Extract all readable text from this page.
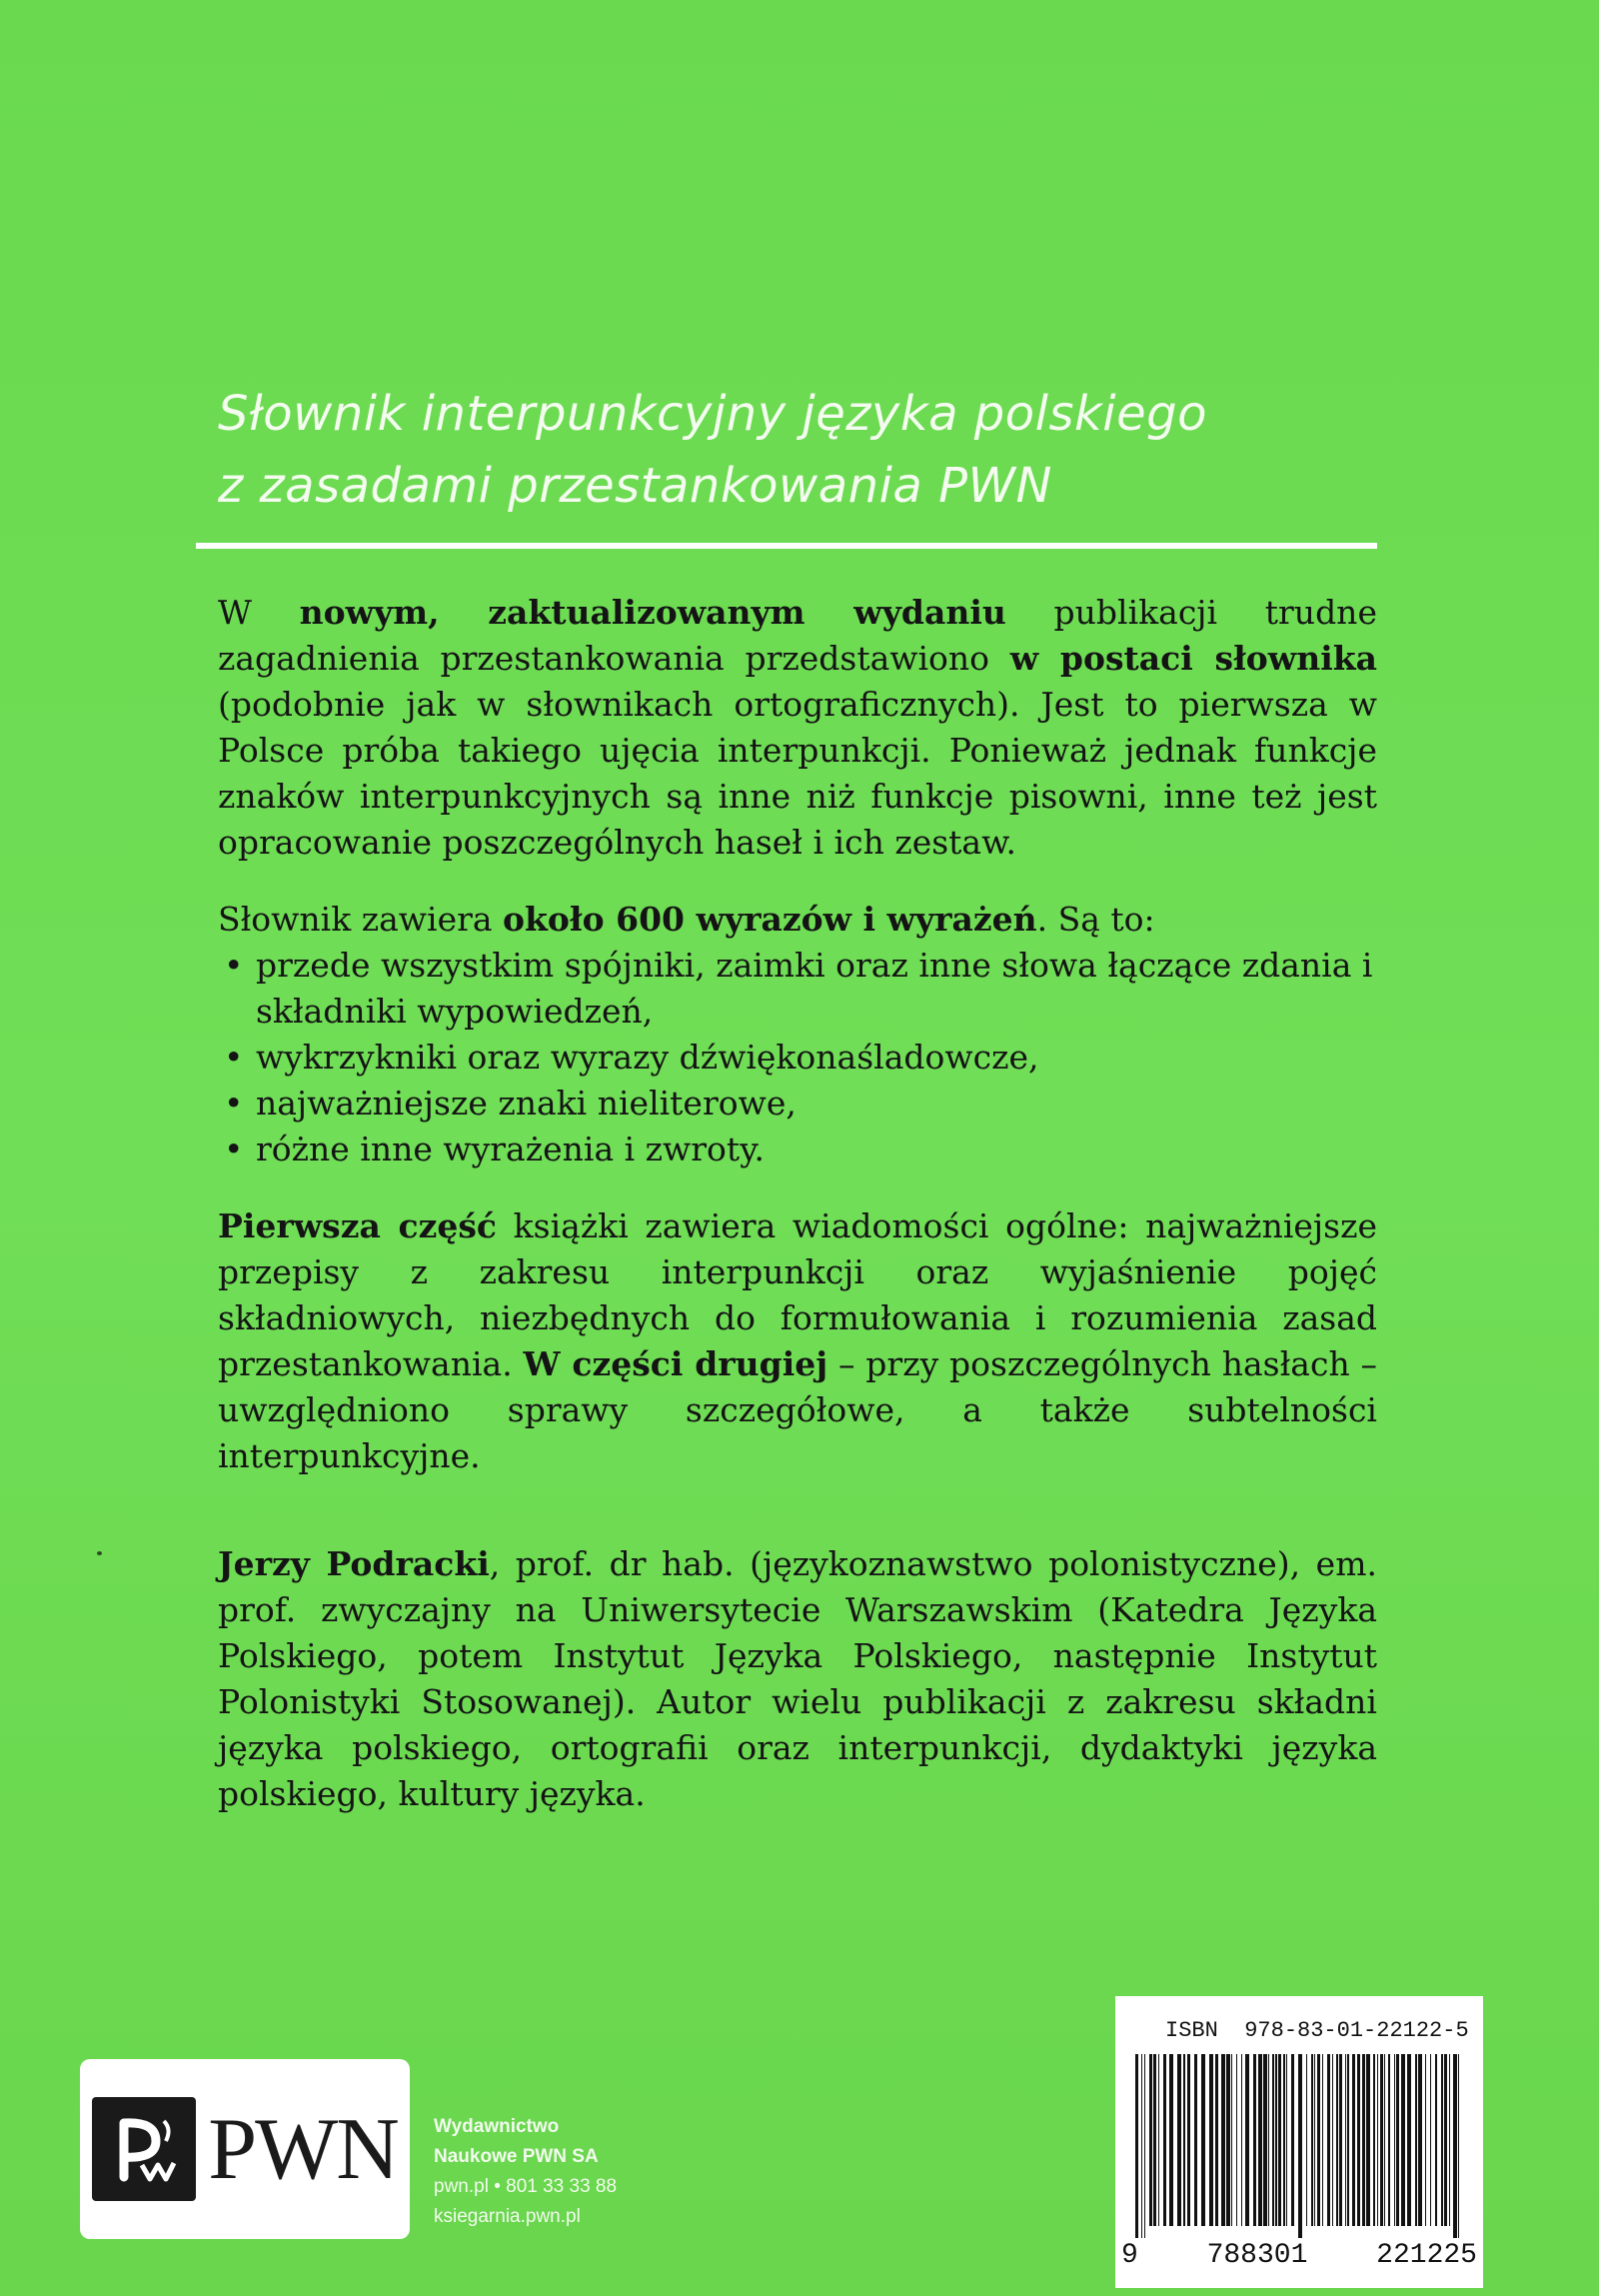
Słownik interpunkcyjny języka polskiego
z zasadami przestankowania PWN

W nowym, zaktualizowanym wydaniu publikacji trudne zagadnienia przestankowania przedstawiono w postaci słownika (podobnie jak w słownikach ortograficznych). Jest to pierwsza w Polsce próba takiego ujęcia interpunkcji. Ponieważ jednak funkcje znaków interpunkcyjnych są inne niż funkcje pisowni, inne też jest opracowanie poszczególnych haseł i ich zestaw.

Słownik zawiera około 600 wyrazów i wyrażeń. Są to:

• przede wszystkim spójniki, zaimki oraz inne słowa łączące zdania i składniki wypowiedzeń,
• wykrzykniki oraz wyrazy dźwiękonaśladowcze,
• najważniejsze znaki nieliterowe,
• różne inne wyrażenia i zwroty.

Pierwsza część książki zawiera wiadomości ogólne: najważniejsze przepisy z zakresu interpunkcji oraz wyjaśnienie pojęć składniowych, niezbędnych do formułowania i rozumienia zasad przestankowania. W części drugiej – przy poszczególnych hasłach – uwzględniono sprawy szczegółowe, a także subtelności interpunkcyjne.

Jerzy Podracki, prof. dr hab. (językoznawstwo polonistyczne), em. prof. zwyczajny na Uniwersytecie Warszawskim (Katedra Języka Polskiego, potem Instytut Języka Polskiego, następnie Instytut Polonistyki Stosowanej). Autor wielu publikacji z zakresu składni języka polskiego, ortografii oraz interpunkcji, dydaktyki języka polskiego, kultury języka.

PWN Wydawnictwo
Naukowe PWN SA
pwn.pl • 801 33 33 88
ksiegarnia.pwn.pl
ISBN 978-83-01-22122-5
9 788301 221225
